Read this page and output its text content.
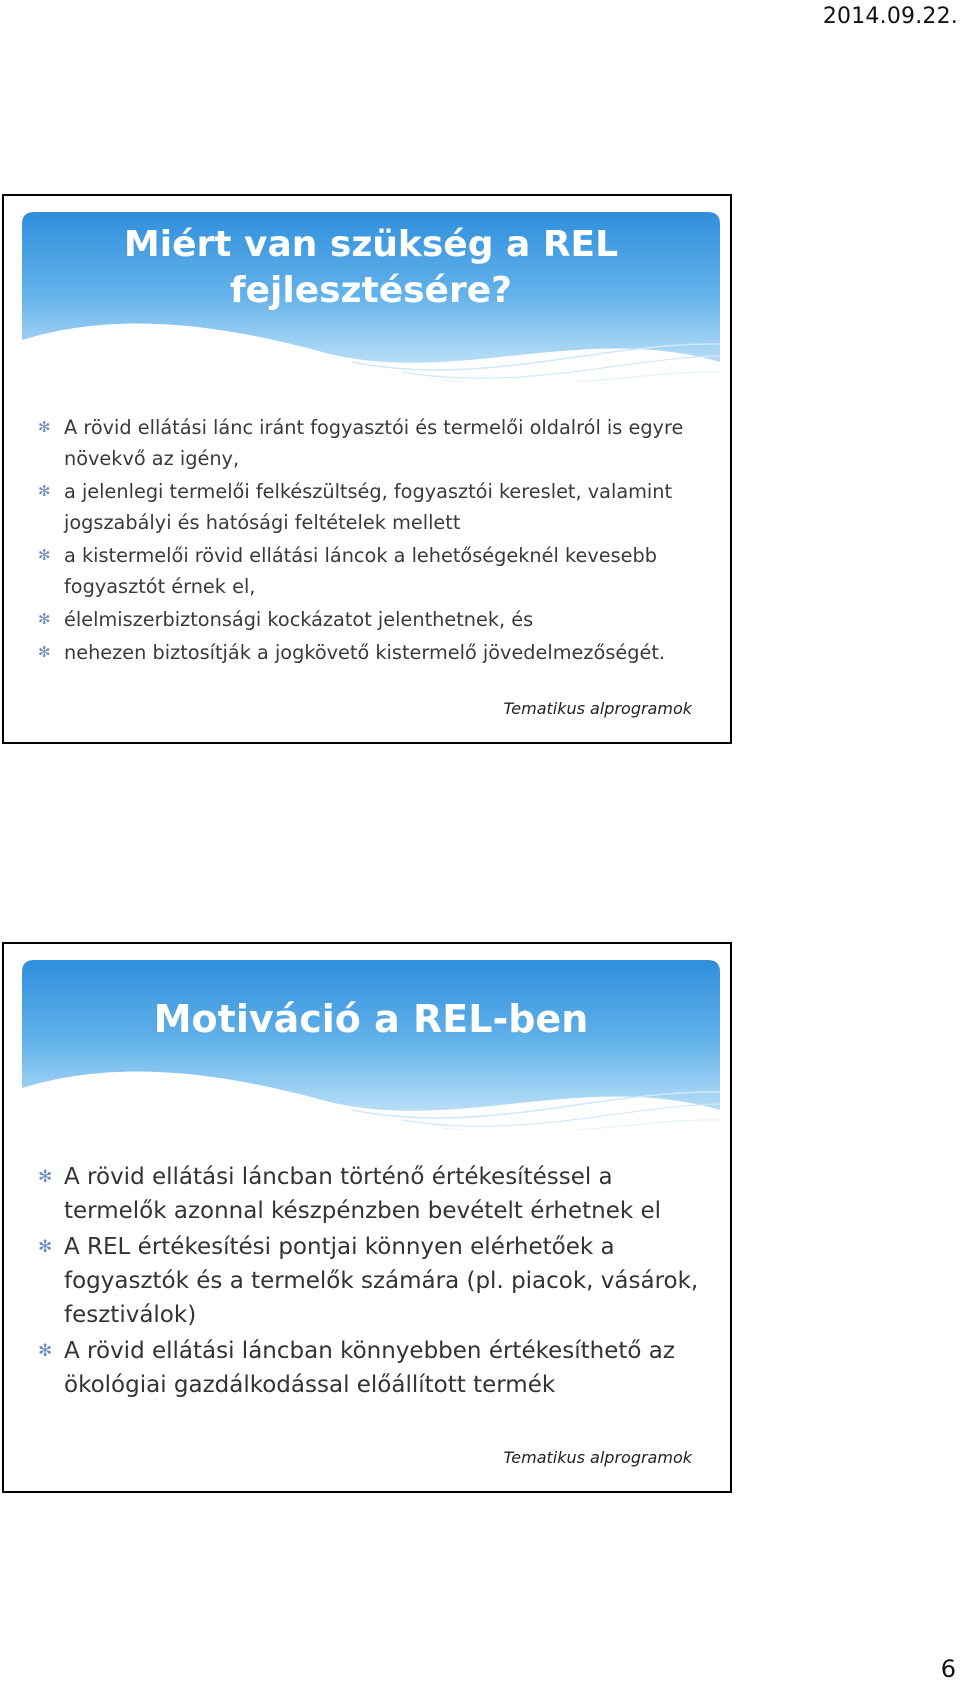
2014.09.22.
Miért van szükség a REL
fejlesztésére?
✻ A rövid ellátási lánc iránt fogyasztói és termelői oldalról is egyre növekvő az igény,
✻ a jelenlegi termelői felkészültség, fogyasztói kereslet, valamint jogszabályi és hatósági feltételek mellett
✻ a kistermelői rövid ellátási láncok a lehetőségeknél kevesebb fogyasztót érnek el,
✻ élelmiszerbiztonsági kockázatot jelenthetnek, és
✻ nehezen biztosítják a jogkövető kistermelő jövedelmezőségét.
Tematikus alprogramok
Motiváció a REL-ben
✻ A rövid ellátási láncban történő értékesítéssel a termelők azonnal készpénzben bevételt érhetnek el
✻ A REL értékesítési pontjai könnyen elérhetőek a fogyasztók és a termelők számára (pl. piacok, vásárok, fesztiválok)
✻ A rövid ellátási láncban könnyebben értékesíthető az ökológiai gazdálkodással előállított termék
Tematikus alprogramok
6
